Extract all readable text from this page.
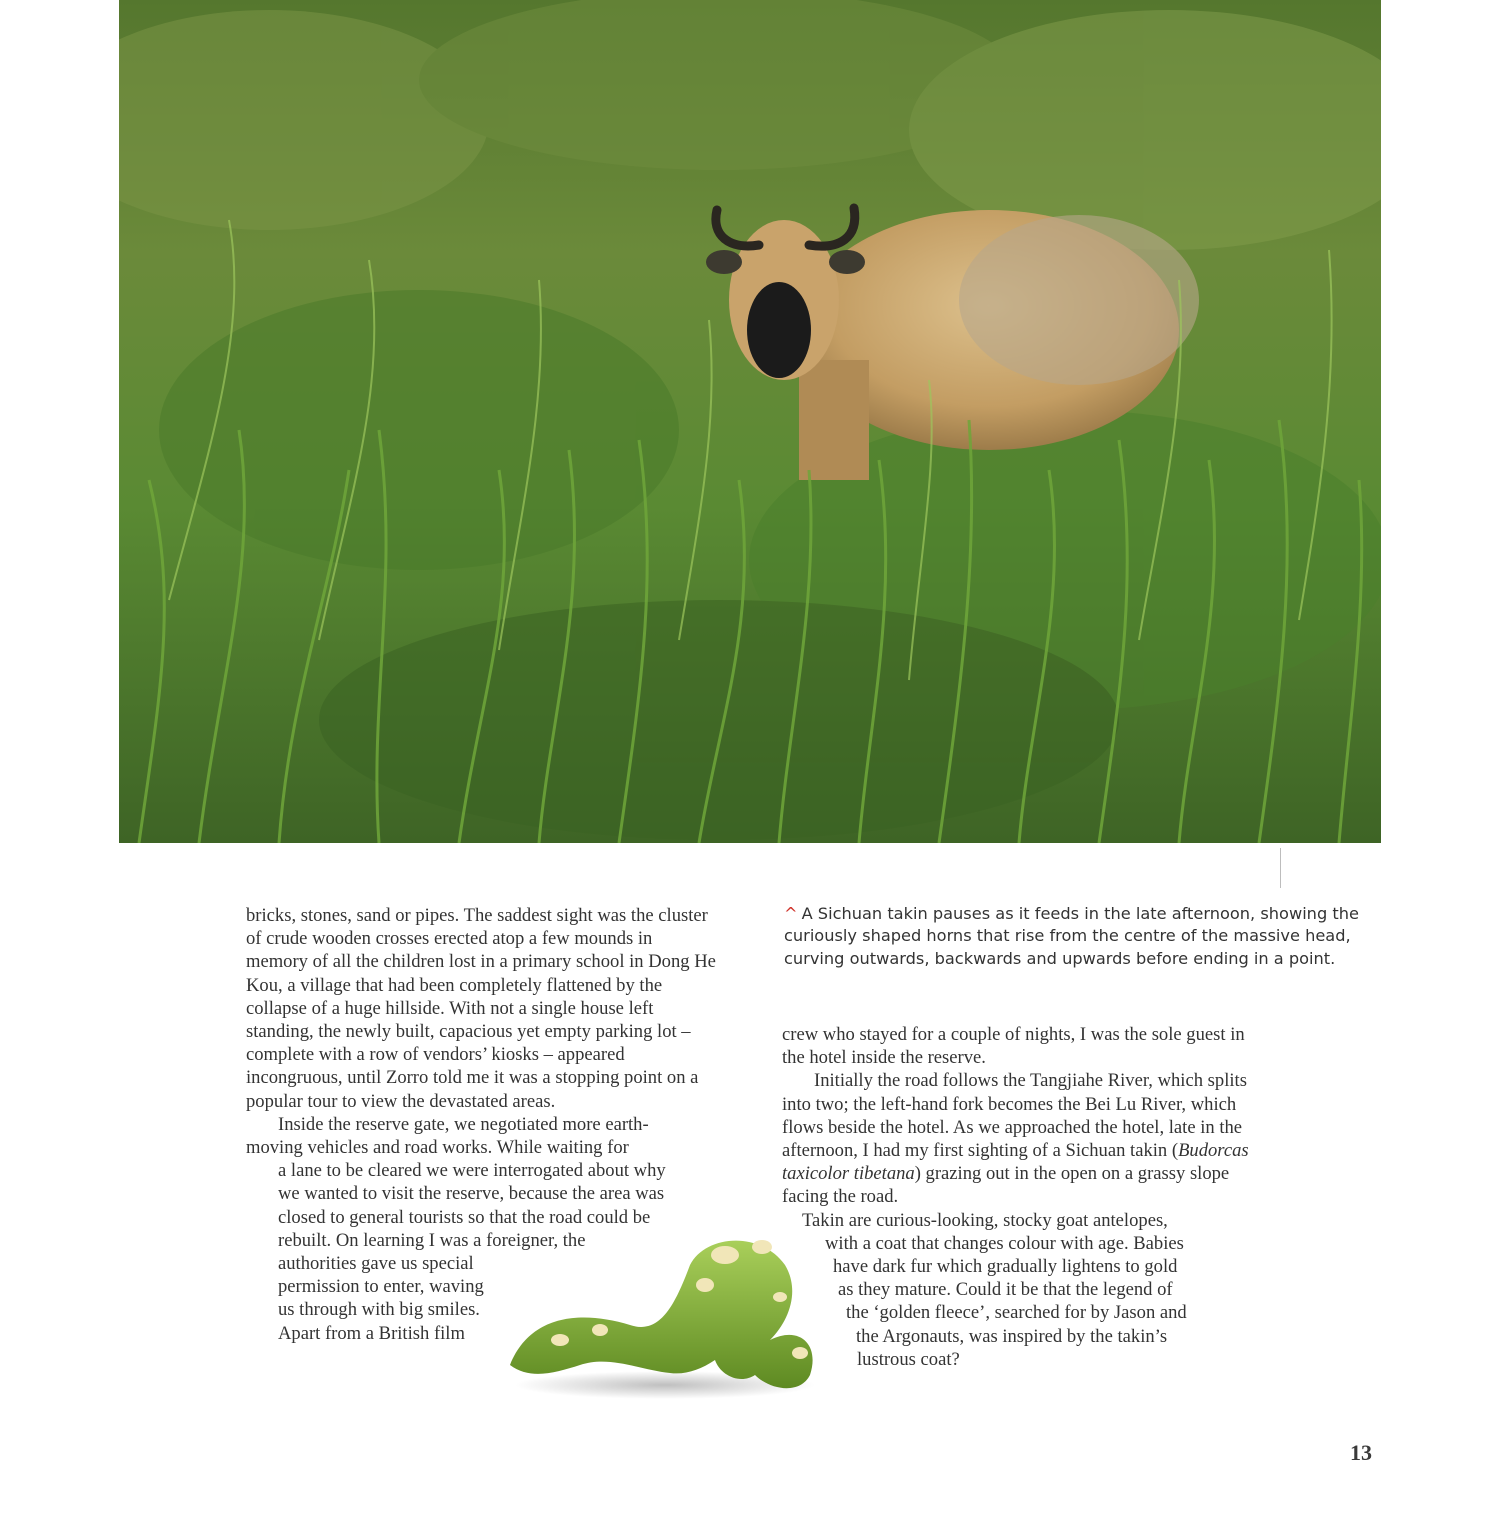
bricks, stones, sand or pipes. The saddest sight was the cluster of crude wooden crosses erected atop a few mounds in memory of all the children lost in a primary school in Dong He Kou, a village that had been completely flattened by the collapse of a huge hillside. With not a single house left standing, the newly built, capacious yet empty parking lot – complete with a row of vendors’ kiosks – appeared incongruous, until Zorro told me it was a stopping point on a popular tour to view the devastated areas.

Inside the reserve gate, we negotiated more earth-
moving vehicles and road works. While waiting for
a lane to be cleared we were interrogated about why
we wanted to visit the reserve, because the area was
closed to general tourists so that the road could be
rebuilt. On learning I was a foreigner, the
authorities gave us special
permission to enter, waving
us through with big smiles.
Apart from a British film

^ A Sichuan takin pauses as it feeds in the late afternoon, showing the curiously shaped horns that rise from the centre of the massive head, curving outwards, backwards and upwards before ending in a point.

crew who stayed for a couple of nights, I was the sole guest in the hotel inside the reserve.

Initially the road follows the Tangjiahe River, which splits into two; the left-hand fork becomes the Bei Lu River, which flows beside the hotel. As we approached the hotel, late in the afternoon, I had my first sighting of a Sichuan takin (Budorcas taxicolor tibetana) grazing out in the open on a grassy slope facing the road.

Takin are curious-looking, stocky goat antelopes,
with a coat that changes colour with age. Babies
have dark fur which gradually lightens to gold
as they mature. Could it be that the legend of
the ‘golden fleece’, searched for by Jason and
the Argonauts, was inspired by the takin’s
lustrous coat?

13
